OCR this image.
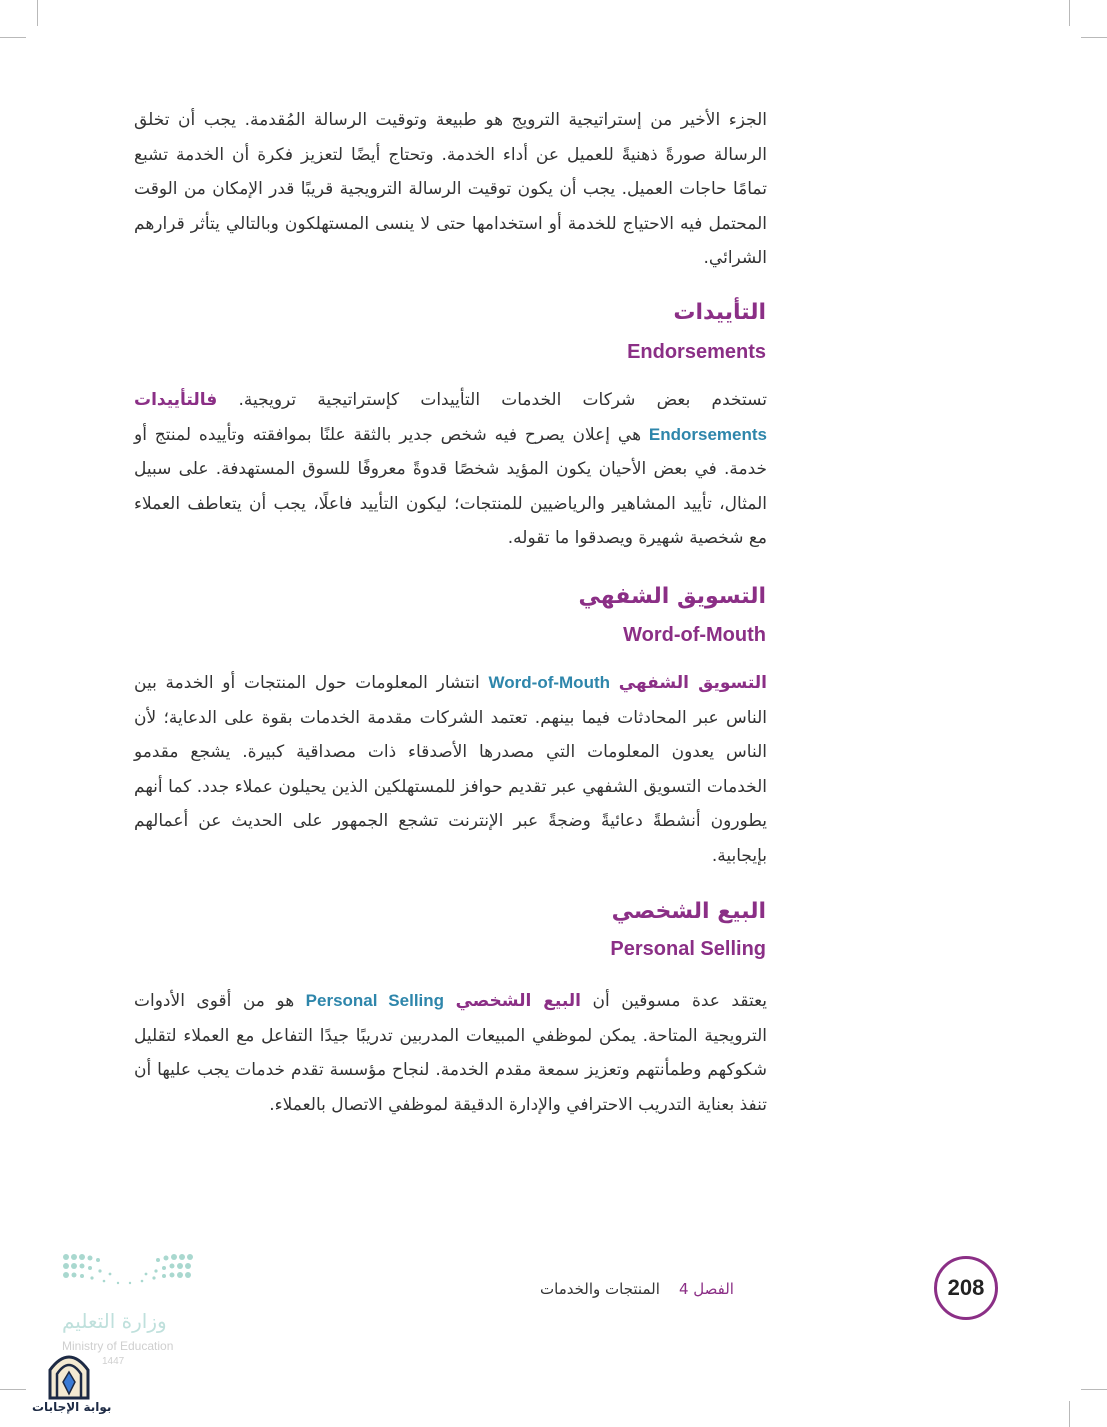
الجزء الأخير من إستراتيجية الترويج هو طبيعة وتوقيت الرسالة المُقدمة. يجب أن تخلق الرسالة صورةً ذهنيةً للعميل عن أداء الخدمة. وتحتاج أيضًا لتعزيز فكرة أن الخدمة تشبع تمامًا حاجات العميل. يجب أن يكون توقيت الرسالة الترويجية قريبًا قدر الإمكان من الوقت المحتمل فيه الاحتياج للخدمة أو استخدامها حتى لا ينسى المستهلكون وبالتالي يتأثر قرارهم الشرائي.

التأييدات
Endorsements

تستخدم بعض شركات الخدمات التأييدات كإستراتيجية ترويجية. فالتأييدات Endorsements هي إعلان يصرح فيه شخص جدير بالثقة علنًا بموافقته وتأييده لمنتج أو خدمة. في بعض الأحيان يكون المؤيد شخصًا قدوةً معروفًا للسوق المستهدفة. على سبيل المثال، تأييد المشاهير والرياضيين للمنتجات؛ ليكون التأييد فاعلًا، يجب أن يتعاطف العملاء مع شخصية شهيرة ويصدقوا ما تقوله.

التسويق الشفهي
Word-of-Mouth

التسويق الشفهي Word-of-Mouth انتشار المعلومات حول المنتجات أو الخدمة بين الناس عبر المحادثات فيما بينهم. تعتمد الشركات مقدمة الخدمات بقوة على الدعاية؛ لأن الناس يعدون المعلومات التي مصدرها الأصدقاء ذات مصداقية كبيرة. يشجع مقدمو الخدمات التسويق الشفهي عبر تقديم حوافز للمستهلكين الذين يحيلون عملاء جدد. كما أنهم يطورون أنشطةً دعائيةً وضجةً عبر الإنترنت تشجع الجمهور على الحديث عن أعمالهم بإيجابية.

البيع الشخصي
Personal Selling

يعتقد عدة مسوقين أن البيع الشخصي Personal Selling هو من أقوى الأدوات الترويجية المتاحة. يمكن لموظفي المبيعات المدربين تدريبًا جيدًا التفاعل مع العملاء لتقليل شكوكهم وطمأنتهم وتعزيز سمعة مقدم الخدمة. لنجاح مؤسسة تقدم خدمات يجب عليها أن تنفذ بعناية التدريب الاحترافي والإدارة الدقيقة لموظفي الاتصال بالعملاء.

الفصل 4    المنتجات والخدمات	208
وزارة التعليم
Ministry of Education
1447
بوابة الإجابات
